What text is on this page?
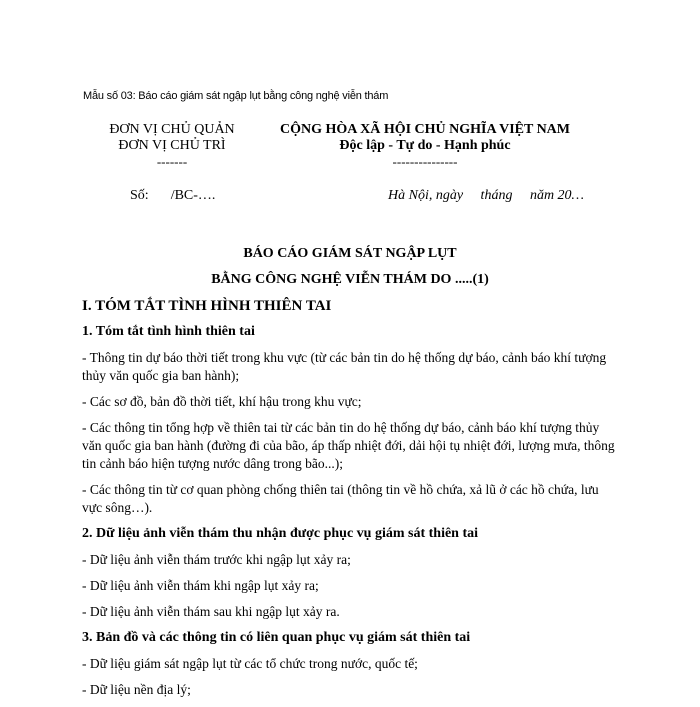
Mẫu số 03: Báo cáo giám sát ngập lụt bằng công nghệ viễn thám
ĐƠN VỊ CHỦ QUẢN
ĐƠN VỊ CHỦ TRÌ
-------
CỘNG HÒA XÃ HỘI CHỦ NGHĨA VIỆT NAM
Độc lập - Tự do - Hạnh phúc
---------------
Số: /BC-….	Hà Nội, ngày     tháng     năm 20…
BÁO CÁO GIÁM SÁT NGẬP LỤT
BẰNG CÔNG NGHỆ VIỄN THÁM DO .....(1)
I. TÓM TẮT TÌNH HÌNH THIÊN TAI
1. Tóm tắt tình hình thiên tai
- Thông tin dự báo thời tiết trong khu vực (từ các bản tin do hệ thống dự báo, cảnh báo khí tượng thủy văn quốc gia ban hành);
- Các sơ đồ, bản đồ thời tiết, khí hậu trong khu vực;
- Các thông tin tổng hợp về thiên tai từ các bản tin do hệ thống dự báo, cảnh báo khí tượng thủy văn quốc gia ban hành (đường đi của bão, áp thấp nhiệt đới, dải hội tụ nhiệt đới, lượng mưa, thông tin cảnh báo hiện tượng nước dâng trong bão...);
- Các thông tin từ cơ quan phòng chống thiên tai (thông tin về hồ chứa, xả lũ ở các hồ chứa, lưu vực sông…).
2. Dữ liệu ảnh viễn thám thu nhận được phục vụ giám sát thiên tai
- Dữ liệu ảnh viễn thám trước khi ngập lụt xảy ra;
- Dữ liệu ảnh viễn thám khi ngập lụt xảy ra;
- Dữ liệu ảnh viễn thám sau khi ngập lụt xảy ra.
3. Bản đồ và các thông tin có liên quan phục vụ giám sát thiên tai
- Dữ liệu giám sát ngập lụt từ các tổ chức trong nước, quốc tế;
- Dữ liệu nền địa lý;
